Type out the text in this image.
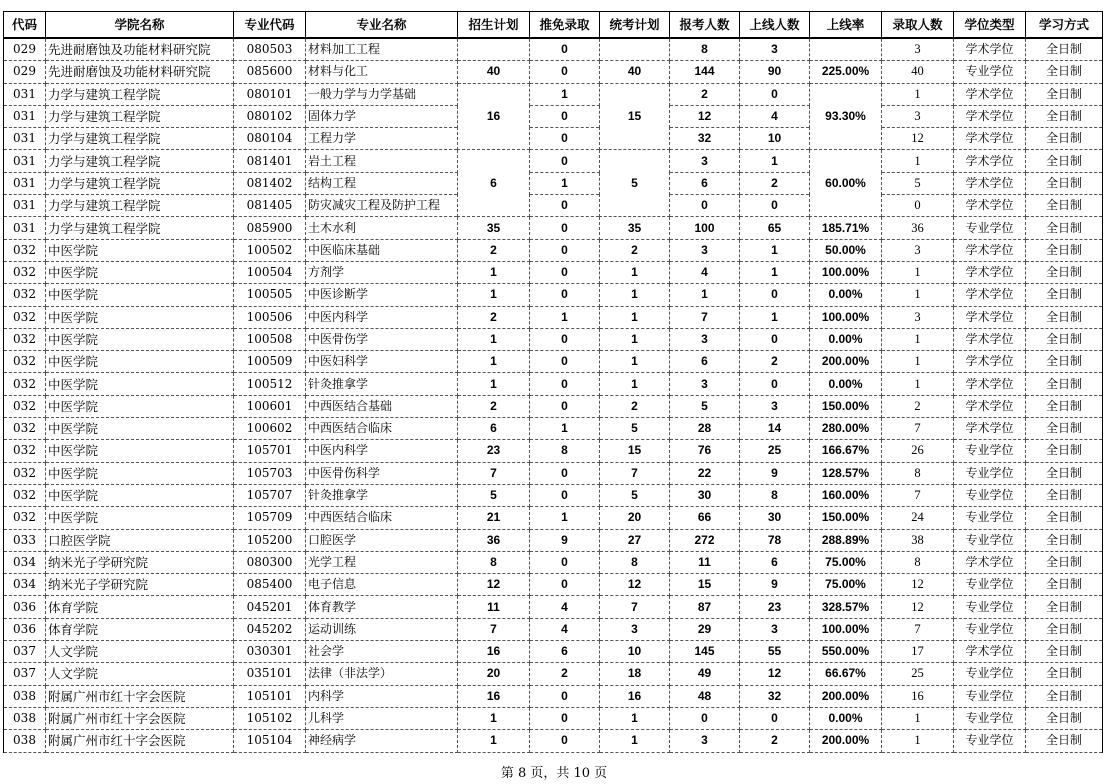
代码	学院名称	专业代码	专业名称	招生计划	推免录取	统考计划	报考人数	上线人数	上线率	录取人数	学位类型	学习方式
029	先进耐磨蚀及功能材料研究院	080503	材料加工工程		0		8	3		3	学术学位	全日制
029	先进耐磨蚀及功能材料研究院	085600	材料与化工	40	0	40	144	90	225.00%	40	专业学位	全日制
031	力学与建筑工程学院	080101	一般力学与力学基础	16	1	15	2	0	93.30%	1	学术学位	全日制
031	力学与建筑工程学院	080102	固体力学		0		12	4		3	学术学位	全日制
031	力学与建筑工程学院	080104	工程力学		0		32	10		12	学术学位	全日制
031	力学与建筑工程学院	081401	岩土工程	6	0	5	3	1	60.00%	1	学术学位	全日制
031	力学与建筑工程学院	081402	结构工程		1		6	2		5	学术学位	全日制
031	力学与建筑工程学院	081405	防灾减灾工程及防护工程		0		0	0		0	学术学位	全日制
031	力学与建筑工程学院	085900	土木水利	35	0	35	100	65	185.71%	36	专业学位	全日制
032	中医学院	100502	中医临床基础	2	0	2	3	1	50.00%	3	学术学位	全日制
032	中医学院	100504	方剂学	1	0	1	4	1	100.00%	1	学术学位	全日制
032	中医学院	100505	中医诊断学	1	0	1	1	0	0.00%	1	学术学位	全日制
032	中医学院	100506	中医内科学	2	1	1	7	1	100.00%	3	学术学位	全日制
032	中医学院	100508	中医骨伤学	1	0	1	3	0	0.00%	1	学术学位	全日制
032	中医学院	100509	中医妇科学	1	0	1	6	2	200.00%	1	学术学位	全日制
032	中医学院	100512	针灸推拿学	1	0	1	3	0	0.00%	1	学术学位	全日制
032	中医学院	100601	中西医结合基础	2	0	2	5	3	150.00%	2	学术学位	全日制
032	中医学院	100602	中西医结合临床	6	1	5	28	14	280.00%	7	学术学位	全日制
032	中医学院	105701	中医内科学	23	8	15	76	25	166.67%	26	专业学位	全日制
032	中医学院	105703	中医骨伤科学	7	0	7	22	9	128.57%	8	专业学位	全日制
032	中医学院	105707	针灸推拿学	5	0	5	30	8	160.00%	7	专业学位	全日制
032	中医学院	105709	中西医结合临床	21	1	20	66	30	150.00%	24	专业学位	全日制
033	口腔医学院	105200	口腔医学	36	9	27	272	78	288.89%	38	专业学位	全日制
034	纳米光子学研究院	080300	光学工程	8	0	8	11	6	75.00%	8	学术学位	全日制
034	纳米光子学研究院	085400	电子信息	12	0	12	15	9	75.00%	12	专业学位	全日制
036	体育学院	045201	体育教学	11	4	7	87	23	328.57%	12	专业学位	全日制
036	体育学院	045202	运动训练	7	4	3	29	3	100.00%	7	专业学位	全日制
037	人文学院	030301	社会学	16	6	10	145	55	550.00%	17	学术学位	全日制
037	人文学院	035101	法律（非法学）	20	2	18	49	12	66.67%	25	专业学位	全日制
038	附属广州市红十字会医院	105101	内科学	16	0	16	48	32	200.00%	16	专业学位	全日制
038	附属广州市红十字会医院	105102	儿科学	1	0	1	0	0	0.00%	1	专业学位	全日制
038	附属广州市红十字会医院	105104	神经病学	1	0	1	3	2	200.00%	1	专业学位	全日制
第 8 页，共 10 页
